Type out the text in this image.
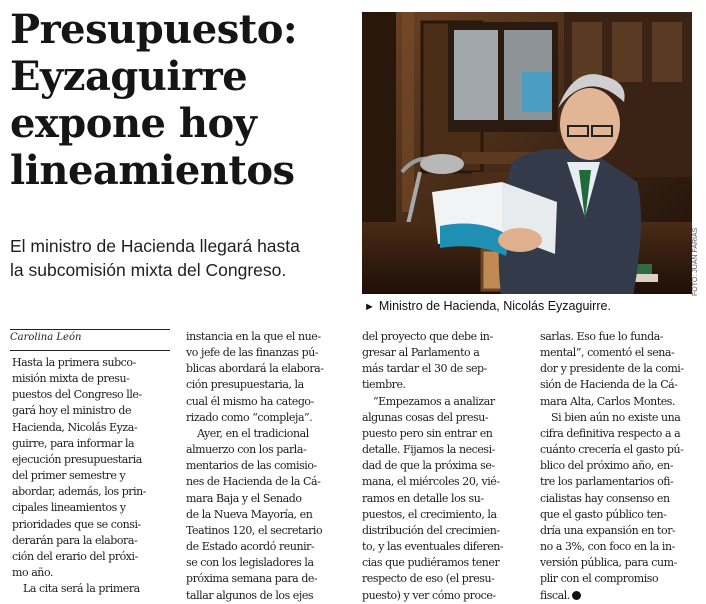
Presupuesto:
Eyzaguirre
expone hoy
lineamientos

El ministro de Hacienda llegará hasta
la subcomisión mixta del Congreso.	FOTO: JUAN FARIAS

► Ministro de Hacienda, Nicolás Eyzaguirre.

Carolina León

Hasta la primera subco-
misión mixta de presu-
puestos del Congreso lle-
gará hoy el ministro de
Hacienda, Nicolás Eyza-
guirre, para informar la
ejecución presupuestaria
del primer semestre y
abordar, además, los prin-
cipales lineamientos y
prioridades que se consi-
derarán para la elabora-
ción del erario del próxi-
mo año.
La cita será la primera
instancia en la que el nue-
vo jefe de las finanzas pú-
blicas abordará la elabora-
ción presupuestaria, la
cual él mismo ha catego-
rizado como “compleja”.
Ayer, en el tradicional
almuerzo con los parla-
mentarios de las comisio-
nes de Hacienda de la Cá-
mara Baja y el Senado
de la Nueva Mayoría, en
Teatinos 120, el secretario
de Estado acordó reunir-
se con los legisladores la
próxima semana para de-
tallar algunos de los ejes
del proyecto que debe in-
gresar al Parlamento a
más tardar el 30 de sep-
tiembre.
“Empezamos a analizar
algunas cosas del presu-
puesto pero sin entrar en
detalle. Fijamos la necesi-
dad de que la próxima se-
mana, el miércoles 20, vié-
ramos en detalle los su-
puestos, el crecimiento, la
distribución del crecimien-
to, y las eventuales diferen-
cias que pudiéramos tener
respecto de eso (el presu-
puesto) y ver cómo proce-
sarlas. Eso fue lo funda-
mental”, comentó el sena-
dor y presidente de la comi-
sión de Hacienda de la Cá-
mara Alta, Carlos Montes.
Si bien aún no existe una
cifra definitiva respecto a a
cuánto crecería el gasto pú-
blico del próximo año, en-
tre los parlamentarios ofi-
cialistas hay consenso en
que el gasto público ten-
dría una expansión en tor-
no a 3%, con foco en la in-
versión pública, para cum-
plir con el compromiso
fiscal.
